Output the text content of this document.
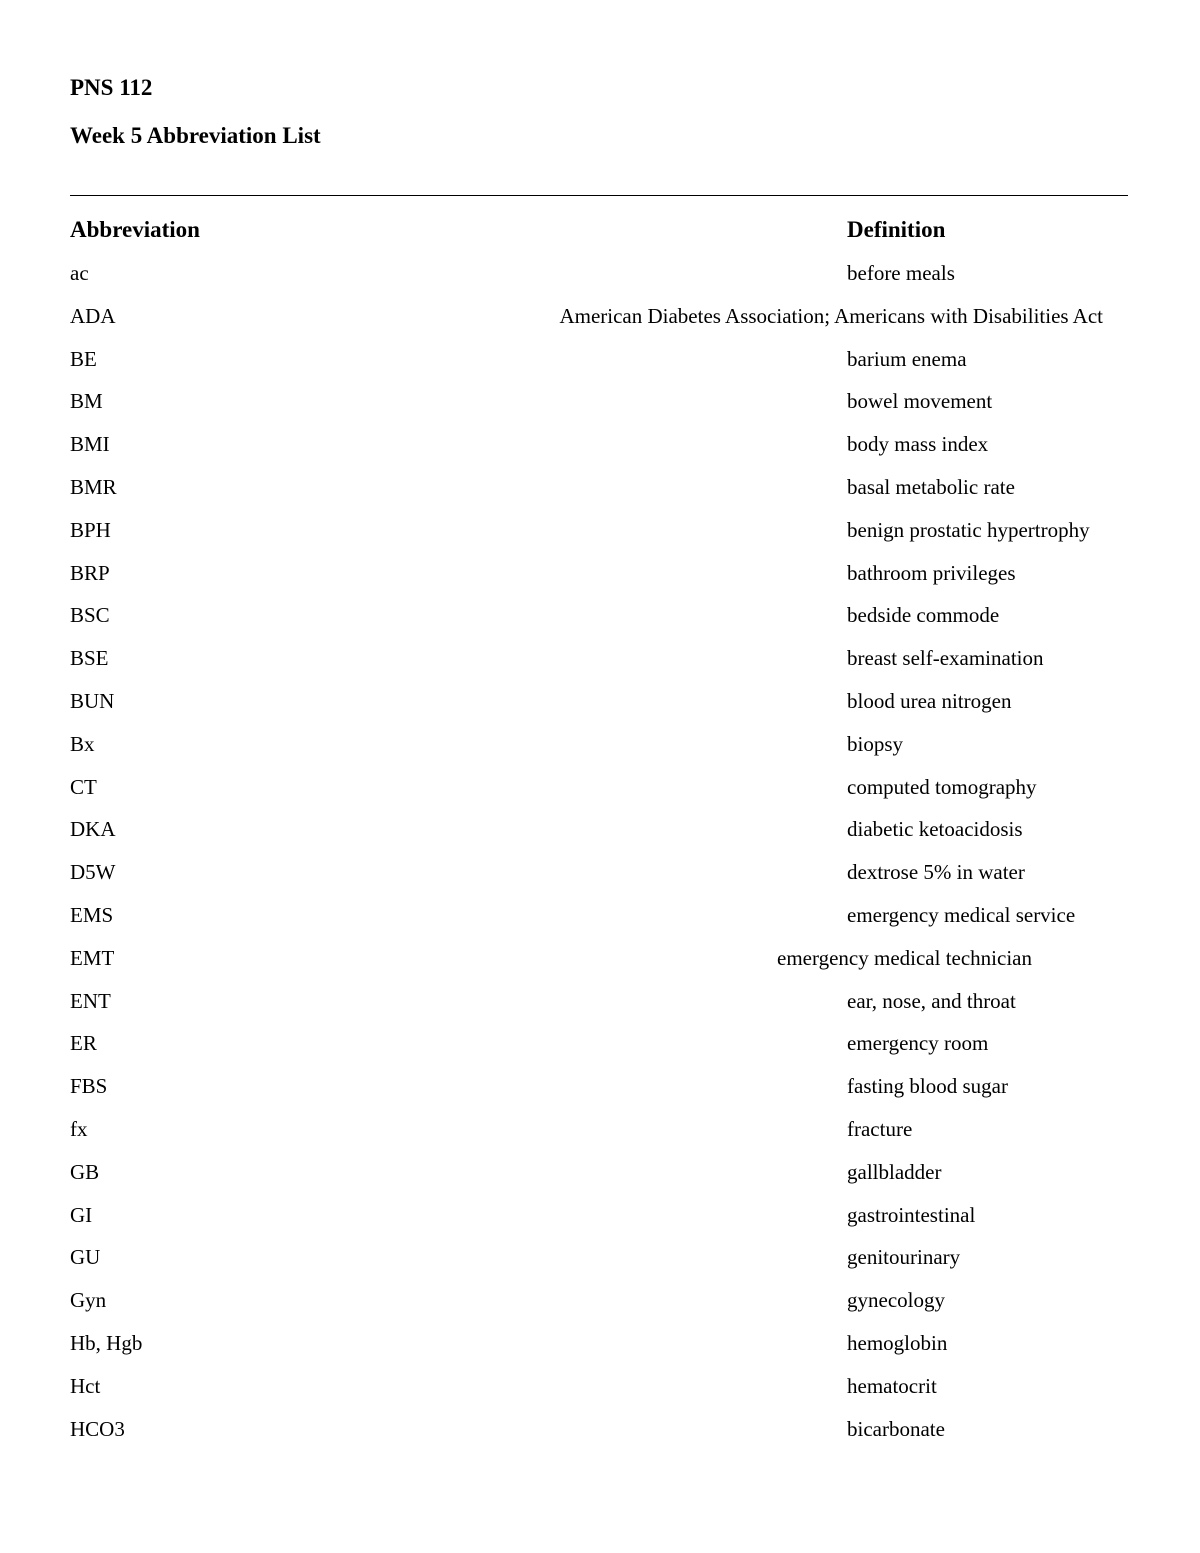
PNS 112
Week 5 Abbreviation List
Abbreviation	Definition
ac	before meals
ADA	American Diabetes Association; Americans with Disabilities Act
BE	barium enema
BM	bowel movement
BMI	body mass index
BMR	basal metabolic rate
BPH	benign prostatic hypertrophy
BRP	bathroom privileges
BSC	bedside commode
BSE	breast self-examination
BUN	blood urea nitrogen
Bx	biopsy
CT	computed tomography
DKA	diabetic ketoacidosis
D5W	dextrose 5% in water
EMS	emergency medical service
EMT	emergency medical technician
ENT	ear, nose, and throat
ER	emergency room
FBS	fasting blood sugar
fx	fracture
GB	gallbladder
GI	gastrointestinal
GU	genitourinary
Gyn	gynecology
Hb, Hgb	hemoglobin
Hct	hematocrit
HCO3	bicarbonate
